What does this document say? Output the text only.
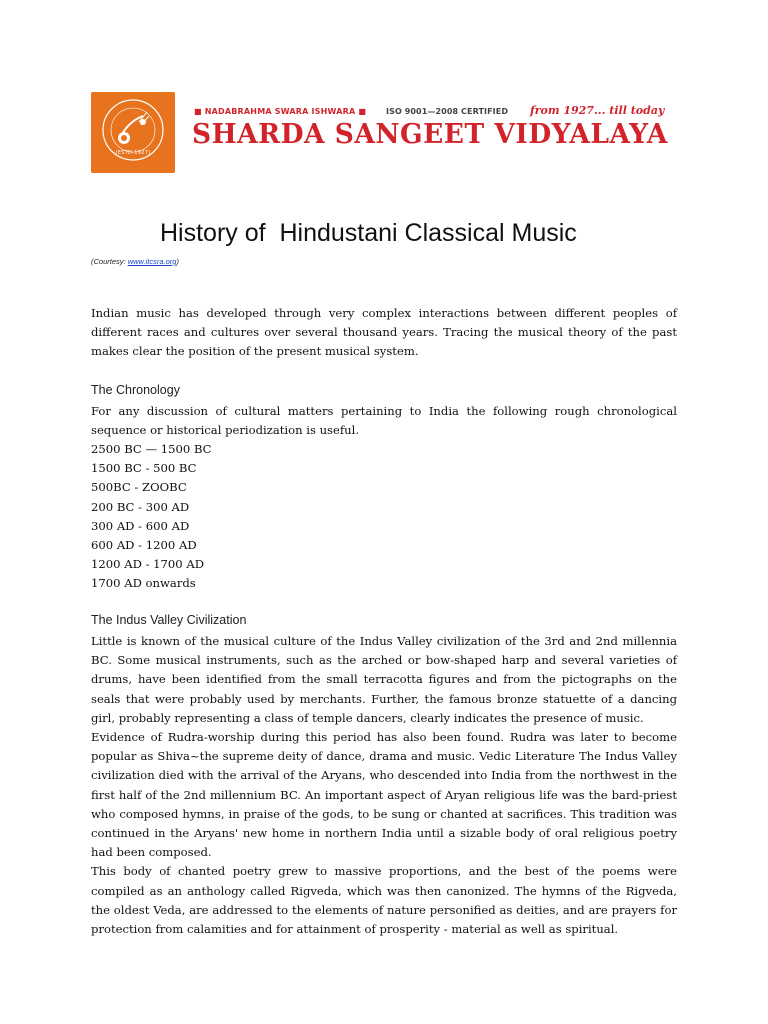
(ESTD-1927)
■ NADABRAHMA SWARA ISHWARA ■ ISO 9001—2008 CERTIFIED from 1927... till today
SHARDA SANGEET VIDYALAYA
History of  Hindustani Classical Music
(Courtesy: www.itcsra.org)

Indian music has developed through very complex interactions between different peoples of different races and cultures over several thousand years. Tracing the musical theory of the past makes clear the position of the present musical system.

The Chronology

For any discussion of cultural matters pertaining to India the following rough chronological sequence or historical periodization is useful.

2500 BC — 1500 BC
1500 BC - 500 BC
500BC - ZOOBC
200 BC - 300 AD
300 AD - 600 AD
600 AD - 1200 AD
1200 AD - 1700 AD
1700 AD onwards
The Indus Valley Civilization

Little is known of the musical culture of the Indus Valley civilization of the 3rd and 2nd millennia BC. Some musical instruments, such as the arched or bow-shaped harp and several varieties of drums, have been identified from the small terracotta figures and from the pictographs on the seals that were probably used by merchants. Further, the famous bronze statuette of a dancing girl, probably representing a class of temple dancers, clearly indicates the presence of music.

Evidence of Rudra-worship during this period has also been found. Rudra was later to become popular as Shiva~the supreme deity of dance, drama and music. Vedic Literature The Indus Valley civilization died with the arrival of the Aryans, who descended into India from the northwest in the first half of the 2nd millennium BC. An important aspect of Aryan religious life was the bard-priest who composed hymns, in praise of the gods, to be sung or chanted at sacrifices. This tradition was continued in the Aryans' new home in northern India until a sizable body of oral religious poetry had been composed.

This body of chanted poetry grew to massive proportions, and the best of the poems were compiled as an anthology called Rigveda, which was then canonized. The hymns of the Rigveda, the oldest Veda, are addressed to the elements of nature personified as deities, and are prayers for protection from calamities and for attainment of prosperity - material as well as spiritual.
